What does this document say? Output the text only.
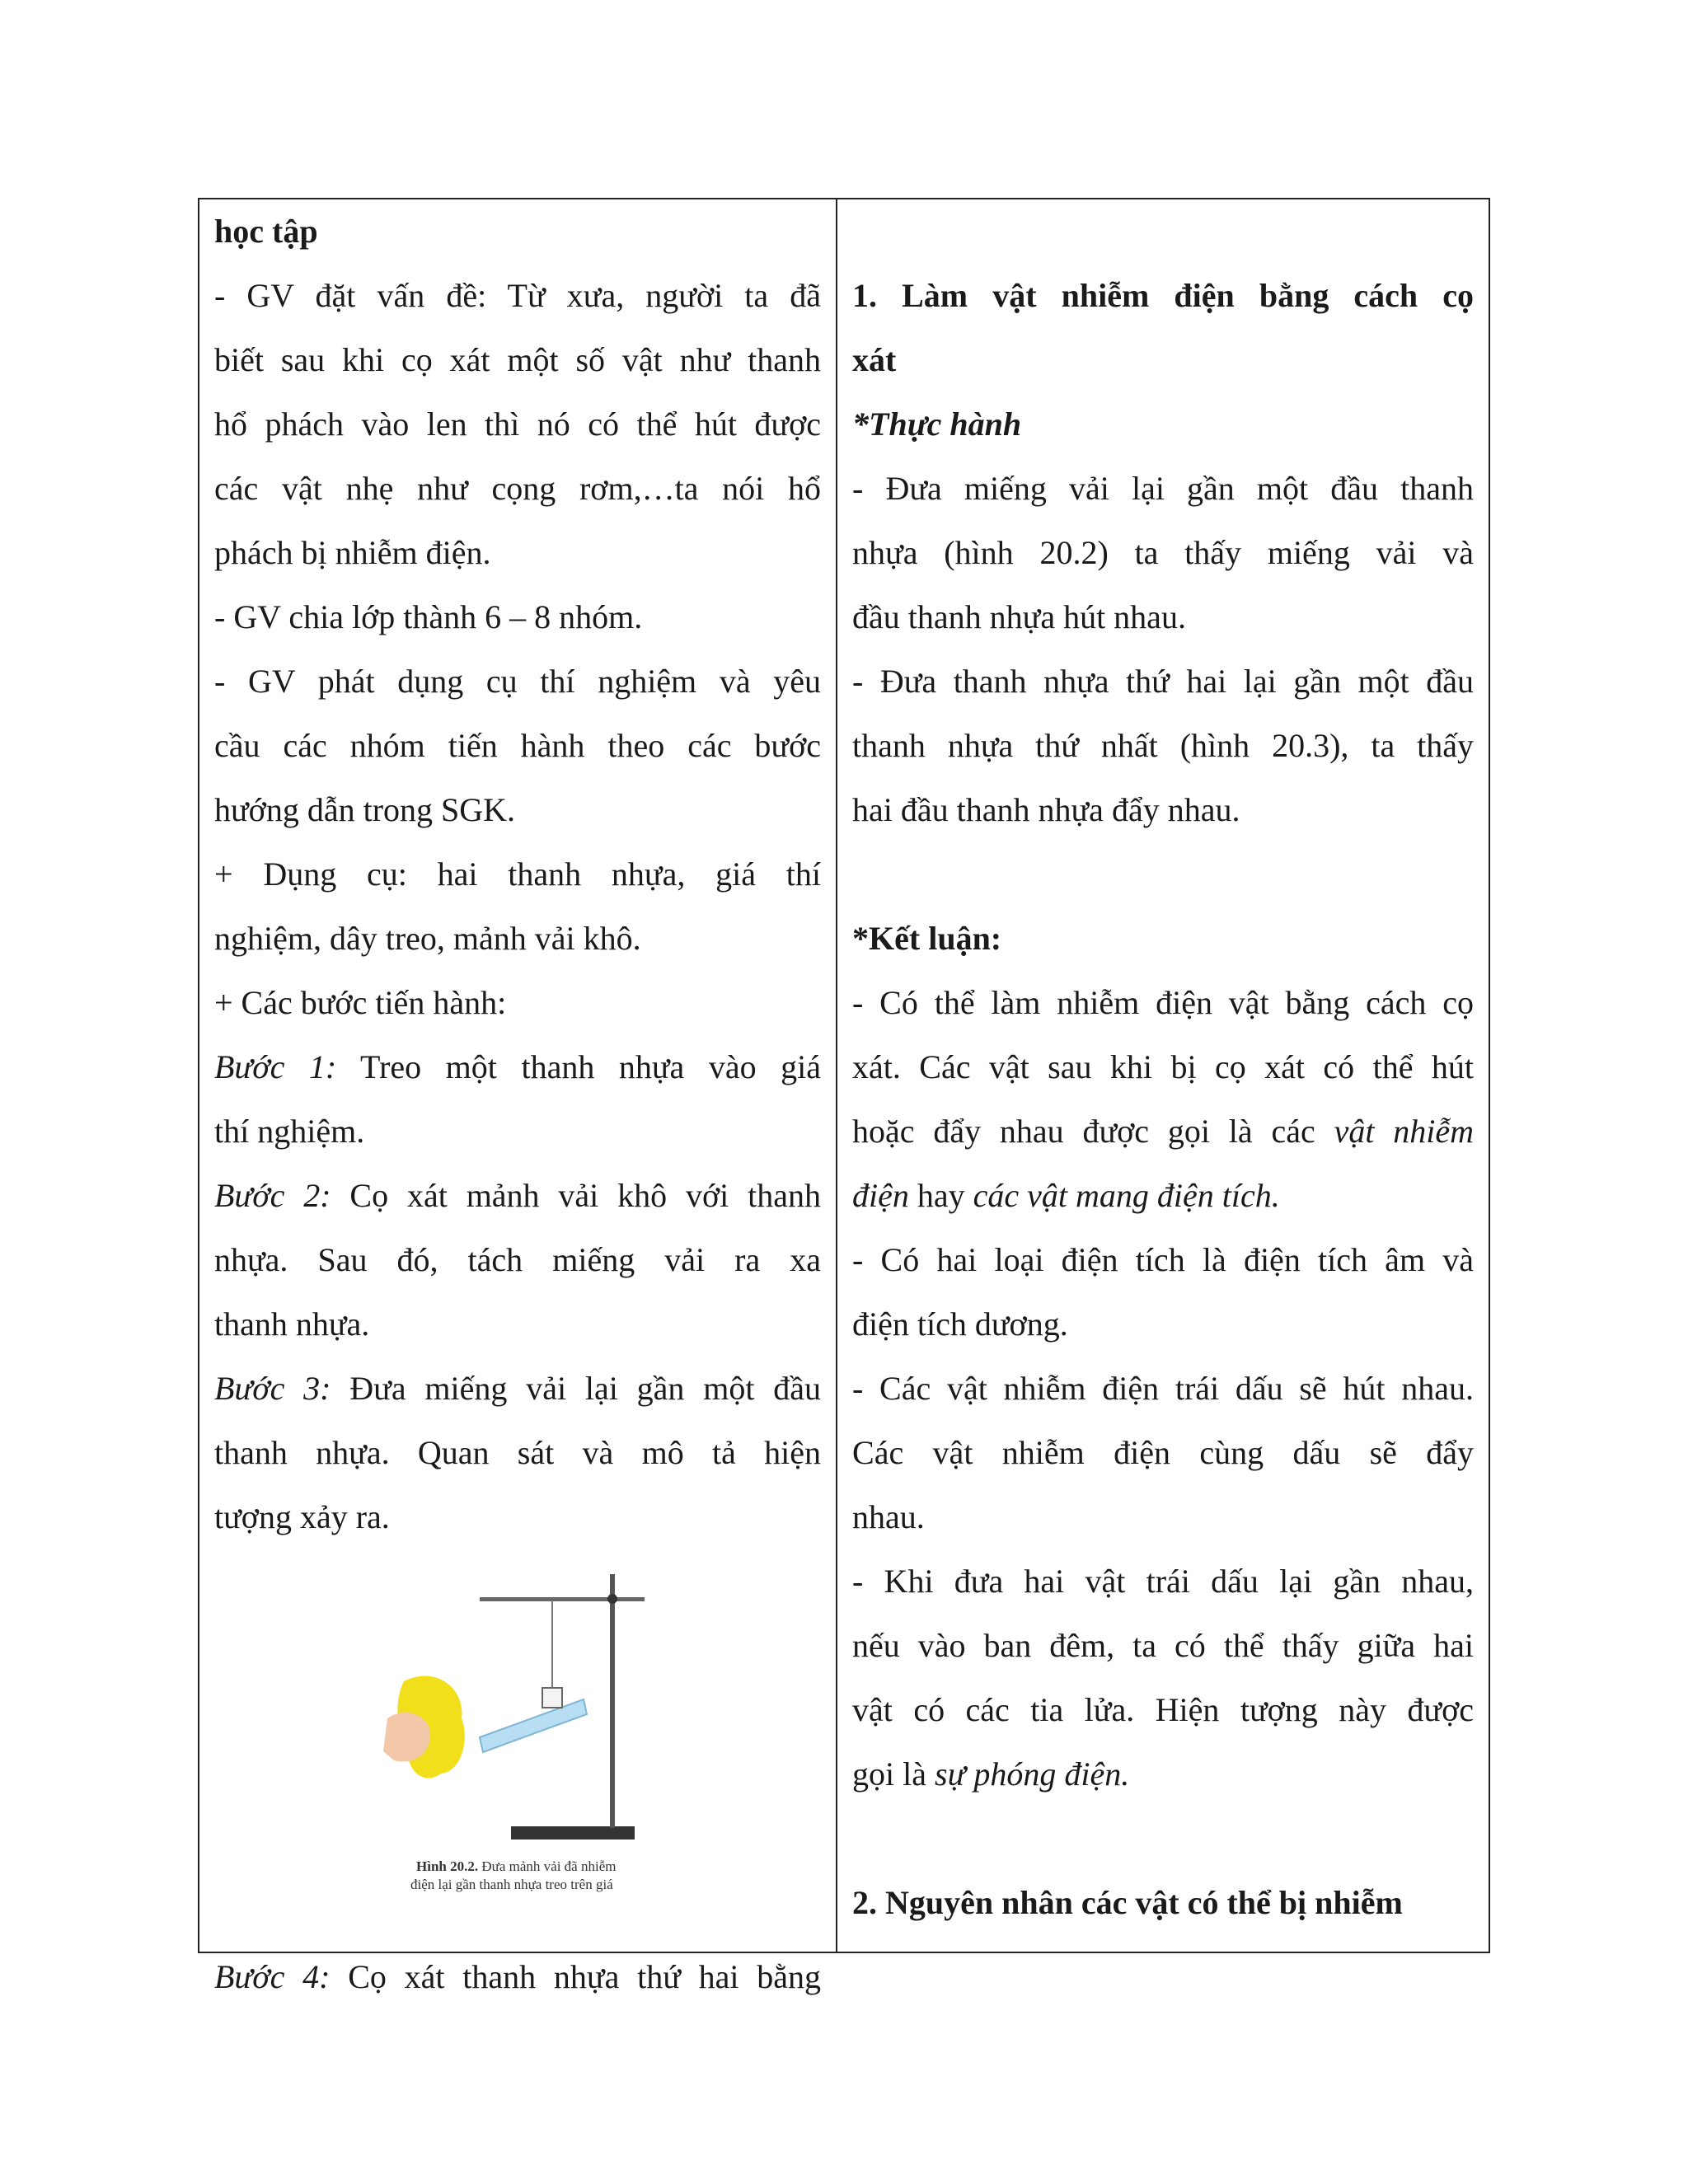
học tập
- GV đặt vấn đề: Từ xưa, người ta đã
biết sau khi cọ xát một số vật như thanh
hổ phách vào len thì nó có thể hút được
các vật nhẹ như cọng rơm,…ta nói hổ
phách bị nhiễm điện.
- GV chia lớp thành 6 – 8 nhóm.
- GV phát dụng cụ thí nghiệm và yêu
cầu các nhóm tiến hành theo các bước
hướng dẫn trong SGK.
+ Dụng cụ: hai thanh nhựa, giá thí
nghiệm, dây treo, mảnh vải khô.
+ Các bước tiến hành:
Bước 1: Treo một thanh nhựa vào giá
thí nghiệm.
Bước 2: Cọ xát mảnh vải khô với thanh
nhựa. Sau đó, tách miếng vải ra xa
thanh nhựa.
Bước 3: Đưa miếng vải lại gần một đầu
thanh nhựa. Quan sát và mô tả hiện
tượng xảy ra.
Hình 20.2. Đưa mảnh vải đã nhiễm
điện lại gần thanh nhựa treo trên giá
Bước 4: Cọ xát thanh nhựa thứ hai bằng
1. Làm vật nhiễm điện bằng cách cọ
xát
*Thực hành
- Đưa miếng vải lại gần một đầu thanh
nhựa (hình 20.2) ta thấy miếng vải và
đầu thanh nhựa hút nhau.
- Đưa thanh nhựa thứ hai lại gần một đầu
thanh nhựa thứ nhất (hình 20.3), ta thấy
hai đầu thanh nhựa đẩy nhau.
*Kết luận:
- Có thể làm nhiễm điện vật bằng cách cọ
xát. Các vật sau khi bị cọ xát có thể hút
hoặc đẩy nhau được gọi là các vật nhiễm
điện hay các vật mang điện tích.
- Có hai loại điện tích là điện tích âm và
điện tích dương.
- Các vật nhiễm điện trái dấu sẽ hút nhau.
Các vật nhiễm điện cùng dấu sẽ đẩy
nhau.
- Khi đưa hai vật trái dấu lại gần nhau,
nếu vào ban đêm, ta có thể thấy giữa hai
vật có các tia lửa. Hiện tượng này được
gọi là sự phóng điện.
2. Nguyên nhân các vật có thể bị nhiễm
